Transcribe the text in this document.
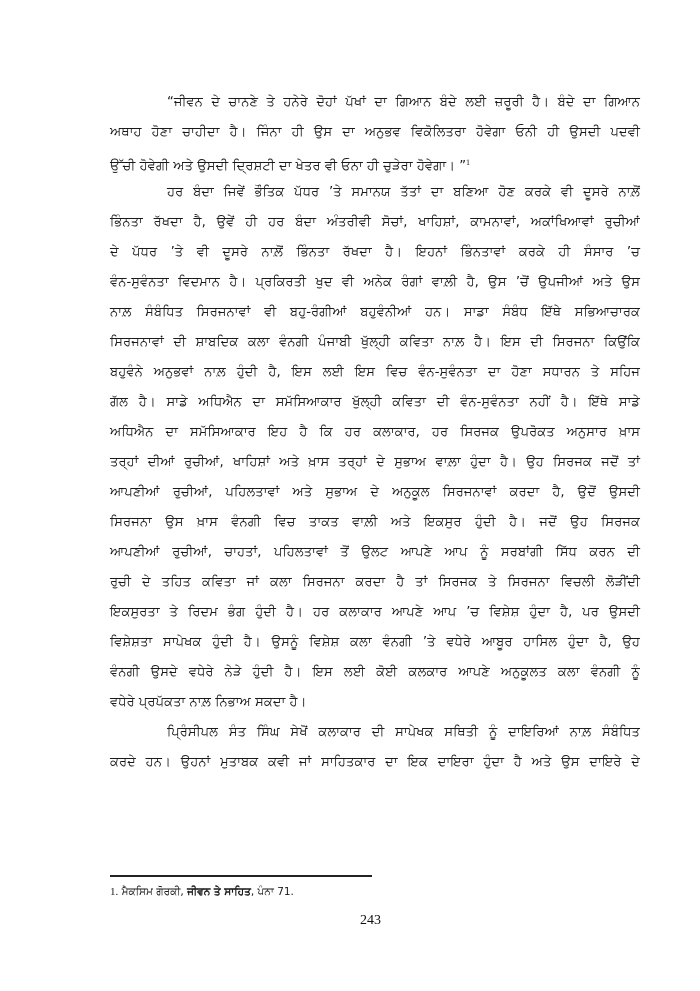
“ਜੀਵਨ ਦੇ ਚਾਨਣੇ ਤੇ ਹਨੇਰੇ ਦੋਹਾਂ ਪੱਖਾਂ ਦਾ ਗਿਆਨ ਬੰਦੇ ਲਈ ਜ਼ਰੂਰੀ ਹੈ। ਬੰਦੇ ਦਾ ਗਿਆਨ
ਅਥਾਹ ਹੋਣਾ ਚਾਹੀਦਾ ਹੈ। ਜਿੰਨਾ ਹੀ ਉਸ ਦਾ ਅਨੁਭਵ ਵਿਕੋਲਿਤਰਾ ਹੋਵੇਗਾ ਓਨੀ ਹੀ ਉਸਦੀ ਪਦਵੀ
ਉੱਚੀ ਹੋਵੇਗੀ ਅਤੇ ਉਸਦੀ ਦ੍ਰਿਸ਼ਟੀ ਦਾ ਖੇਤਰ ਵੀ ਓਨਾ ਹੀ ਚੁੜੇਰਾ ਹੋਵੇਗਾ। ”$^1$
ਹਰ ਬੰਦਾ ਜਿਵੇਂ ਭੌਤਿਕ ਪੱਧਰ ’ਤੇ ਸਮਾਨਯ ਤੱਤਾਂ ਦਾ ਬਣਿਆ ਹੋਣ ਕਰਕੇ ਵੀ ਦੂਸਰੇ ਨਾਲ਼ੋਂ
ਭਿੰਨਤਾ ਰੱਖਦਾ ਹੈ, ਉਵੇਂ ਹੀ ਹਰ ਬੰਦਾ ਅੰਤਰੀਵੀ ਸੋਚਾਂ, ਖਾਹਿਸ਼ਾਂ, ਕਾਮਨਾਵਾਂ, ਅਕਾਂਖਿਆਵਾਂ ਰੁਚੀਆਂ
ਦੇ ਪੱਧਰ ’ਤੇ ਵੀ ਦੂਸਰੇ ਨਾਲ਼ੋਂ ਭਿੰਨਤਾ ਰੱਖਦਾ ਹੈ। ਇਹਨਾਂ ਭਿੰਨਤਾਵਾਂ ਕਰਕੇ ਹੀ ਸੰਸਾਰ ’ਚ
ਵੰਨ-ਸੁਵੰਨਤਾ ਵਿਦਮਾਨ ਹੈ। ਪ੍ਰਕਿਰਤੀ ਖੁਦ ਵੀ ਅਨੇਕ ਰੰਗਾਂ ਵਾਲ਼ੀ ਹੈ, ਉਸ ’ਚੋਂ ਉਪਜੀਆਂ ਅਤੇ ਉਸ
ਨਾਲ਼ ਸੰਬੰਧਿਤ ਸਿਰਜਨਾਵਾਂ ਵੀ ਬਹੁ-ਰੰਗੀਆਂ ਬਹੁਵੰਨੀਆਂ ਹਨ। ਸਾਡਾ ਸੰਬੰਧ ਇੱਥੇ ਸਭਿਆਚਾਰਕ
ਸਿਰਜਨਾਵਾਂ ਦੀ ਸ਼ਾਬਦਿਕ ਕਲਾ ਵੰਨਗੀ ਪੰਜਾਬੀ ਖੁੱਲ੍ਹੀ ਕਵਿਤਾ ਨਾਲ਼ ਹੈ। ਇਸ ਦੀ ਸਿਰਜਨਾ ਕਿਉਂਕਿ
ਬਹੁਵੰਨੇ ਅਨੁਭਵਾਂ ਨਾਲ਼ ਹੁੰਦੀ ਹੈ, ਇਸ ਲਈ ਇਸ ਵਿਚ ਵੰਨ-ਸੁਵੰਨਤਾ ਦਾ ਹੋਣਾ ਸਧਾਰਨ ਤੇ ਸਹਿਜ
ਗੱਲ ਹੈ। ਸਾਡੇ ਅਧਿਐਨ ਦਾ ਸਮੱਸਿਆਕਾਰ ਖੁੱਲ੍ਹੀ ਕਵਿਤਾ ਦੀ ਵੰਨ-ਸੁਵੰਨਤਾ ਨਹੀਂ ਹੈ। ਇੱਥੇ ਸਾਡੇ
ਅਧਿਐਨ ਦਾ ਸਮੱਸਿਆਕਾਰ ਇਹ ਹੈ ਕਿ ਹਰ ਕਲਾਕਾਰ, ਹਰ ਸਿਰਜਕ ਉਪਰੋਕਤ ਅਨੁਸਾਰ ਖ਼ਾਸ
ਤਰ੍ਹਾਂ ਦੀਆਂ ਰੁਚੀਆਂ, ਖਾਹਿਸ਼ਾਂ ਅਤੇ ਖ਼ਾਸ ਤਰ੍ਹਾਂ ਦੇ ਸੁਭਾਅ ਵਾਲ਼ਾ ਹੁੰਦਾ ਹੈ। ਉਹ ਸਿਰਜਕ ਜਦੋਂ ਤਾਂ
ਆਪਣੀਆਂ ਰੁਚੀਆਂ, ਪਹਿਲਤਾਵਾਂ ਅਤੇ ਸੁਭਾਅ ਦੇ ਅਨੁਕੂਲ ਸਿਰਜਨਾਵਾਂ ਕਰਦਾ ਹੈ, ਉਦੋਂ ਉਸਦੀ
ਸਿਰਜਨਾ ਉਸ ਖ਼ਾਸ ਵੰਨਗੀ ਵਿਚ ਤਾਕਤ ਵਾਲ਼ੀ ਅਤੇ ਇਕਸੁਰ ਹੁੰਦੀ ਹੈ। ਜਦੋਂ ਉਹ ਸਿਰਜਕ
ਆਪਣੀਆਂ ਰੁਚੀਆਂ, ਚਾਹਤਾਂ, ਪਹਿਲਤਾਵਾਂ ਤੋਂ ਉਲਟ ਆਪਣੇ ਆਪ ਨੂੰ ਸਰਬਾਂਗੀ ਸਿੱਧ ਕਰਨ ਦੀ
ਰੁਚੀ ਦੇ ਤਹਿਤ ਕਵਿਤਾ ਜਾਂ ਕਲਾ ਸਿਰਜਨਾ ਕਰਦਾ ਹੈ ਤਾਂ ਸਿਰਜਕ ਤੇ ਸਿਰਜਨਾ ਵਿਚਲੀ ਲੋੜੀਂਦੀ
ਇਕਸੁਰਤਾ ਤੇ ਰਿਦਮ ਭੰਗ ਹੁੰਦੀ ਹੈ। ਹਰ ਕਲਾਕਾਰ ਆਪਣੇ ਆਪ ’ਚ ਵਿਸ਼ੇਸ਼ ਹੁੰਦਾ ਹੈ, ਪਰ ਉਸਦੀ
ਵਿਸ਼ੇਸ਼ਤਾ ਸਾਪੇਖਕ ਹੁੰਦੀ ਹੈ। ਉਸਨੂੰ ਵਿਸ਼ੇਸ਼ ਕਲਾ ਵੰਨਗੀ ’ਤੇ ਵਧੇਰੇ ਆਬੂਰ ਹਾਸਿਲ ਹੁੰਦਾ ਹੈ, ਉਹ
ਵੰਨਗੀ ਉਸਦੇ ਵਧੇਰੇ ਨੇੜੇ ਹੁੰਦੀ ਹੈ। ਇਸ ਲਈ ਕੋਈ ਕਲਕਾਰ ਆਪਣੇ ਅਨੁਕੂਲਤ ਕਲਾ ਵੰਨਗੀ ਨੂੰ
ਵਧੇਰੇ ਪ੍ਰਪੱਕਤਾ ਨਾਲ਼ ਨਿਭਾਅ ਸਕਦਾ ਹੈ।
ਪ੍ਰਿੰਸੀਪਲ ਸੰਤ ਸਿੰਘ ਸੇਖੋਂ ਕਲਾਕਾਰ ਦੀ ਸਾਪੇਖਕ ਸਥਿਤੀ ਨੂੰ ਦਾਇਰਿਆਂ ਨਾਲ਼ ਸੰਬੰਧਿਤ
ਕਰਦੇ ਹਨ। ਉਹਨਾਂ ਮੁਤਾਬਕ ਕਵੀ ਜਾਂ ਸਾਹਿਤਕਾਰ ਦਾ ਇਕ ਦਾਇਰਾ ਹੁੰਦਾ ਹੈ ਅਤੇ ਉਸ ਦਾਇਰੇ ਦੇ
1. ਮੈਕਸਿਮ ਗੋਰਕੀ, ਜੀਵਨ ਤੇ ਸਾਹਿਤ, ਪੰਨਾ 71.
243
